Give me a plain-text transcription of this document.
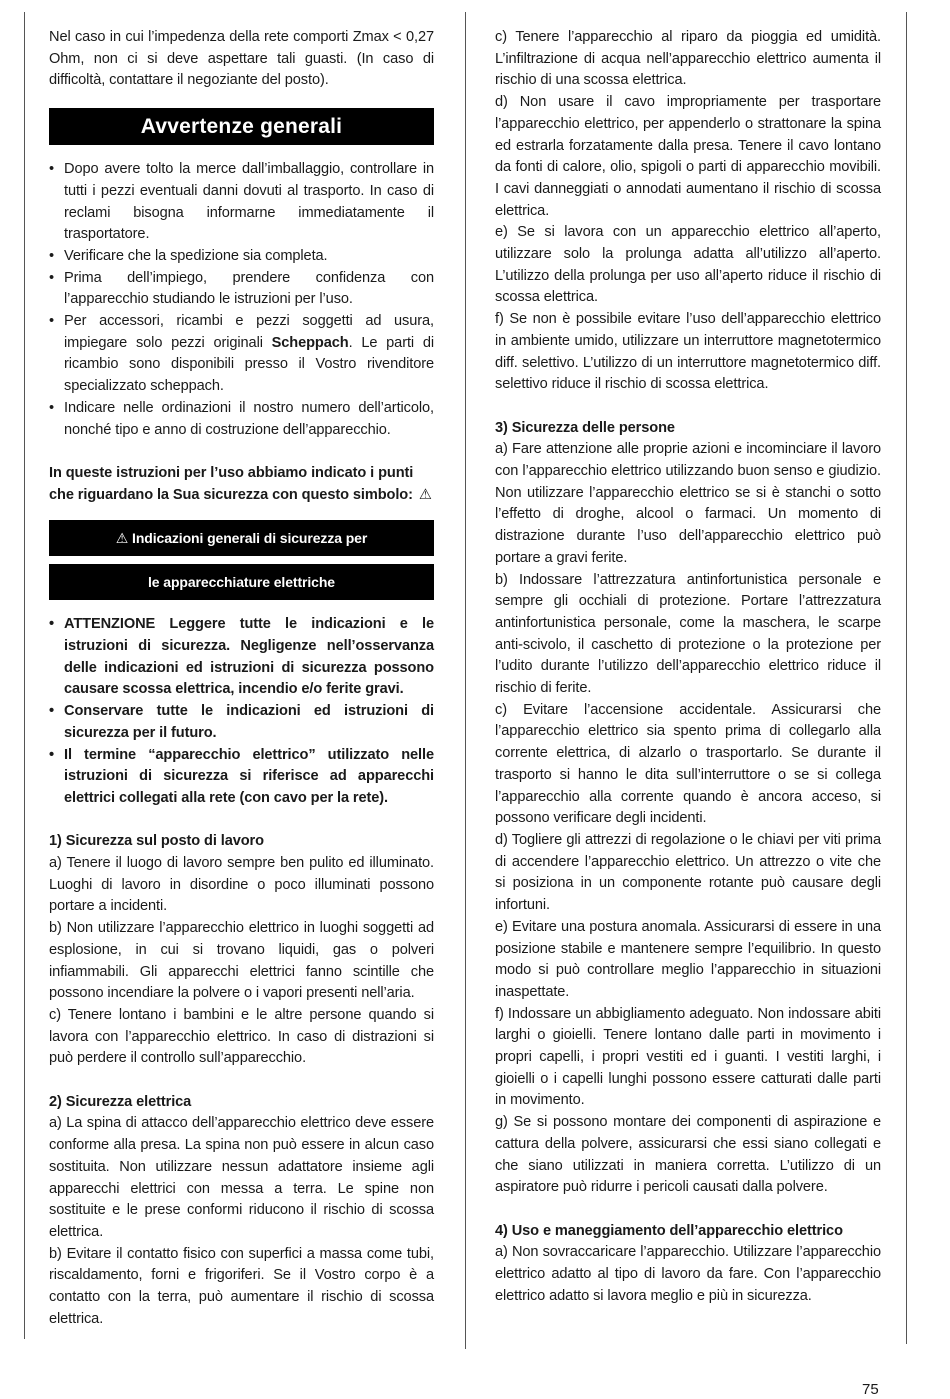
Nel caso in cui l’impedenza della rete comporti Zmax < 0,27 Ohm, non ci si deve aspettare tali guasti. (In caso di difficoltà, contattare il negoziante del posto).

Avvertenze generali
• Dopo avere tolto la merce dall’imballaggio, controllare in tutti i pezzi eventuali danni dovuti al trasporto. In caso di reclami bisogna informarne immediatamente il trasportatore.
• Verificare che la spedizione sia completa.
• Prima dell’impiego, prendere confidenza con l’apparecchio studiando le istruzioni per l’uso.
• Per accessori, ricambi e pezzi soggetti ad usura, impiegare solo pezzi originali Scheppach. Le parti di ricambio sono disponibili presso il Vostro rivenditore specializzato scheppach.
• Indicare nelle ordinazioni il nostro numero dell’articolo, nonché tipo e anno di costruzione dell’apparecchio.

In queste istruzioni per l’uso abbiamo indicato i punti che riguardano la Sua sicurezza con questo simbolo: ⚠

⚠ Indicazioni generali di sicurezza per
le apparecchiature elettriche
• ATTENZIONE Leggere tutte le indicazioni e le istruzioni di sicurezza. Negligenze nell’osservanza delle indicazioni ed istruzioni di sicurezza possono causare scossa elettrica, incendio e/o ferite gravi.
• Conservare tutte le indicazioni ed istruzioni di sicurezza per il futuro.
• Il termine “apparecchio elettrico” utilizzato nelle istruzioni di sicurezza si riferisce ad apparecchi elettrici collegati alla rete (con cavo per la rete).

1) Sicurezza sul posto di lavoro

a) Tenere il luogo di lavoro sempre ben pulito ed illuminato. Luoghi di lavoro in disordine o poco illuminati possono portare a incidenti.

b) Non utilizzare l’apparecchio elettrico in luoghi soggetti ad esplosione, in cui si trovano liquidi, gas o polveri infiammabili. Gli apparecchi elettrici fanno scintille che possono incendiare la polvere o i vapori presenti nell’aria.

c) Tenere lontano i bambini e le altre persone quando si lavora con l’apparecchio elettrico. In caso di distrazioni si può perdere il controllo sull’apparecchio.

2) Sicurezza elettrica

a) La spina di attacco dell’apparecchio elettrico deve essere conforme alla presa. La spina non può essere in alcun caso sostituita. Non utilizzare nessun adattatore insieme agli apparecchi elettrici con messa a terra. Le spine non sostituite e le prese conformi riducono il rischio di scossa elettrica.

b) Evitare il contatto fisico con superfici a massa come tubi, riscaldamento, forni e frigoriferi. Se il Vostro corpo è a contatto con la terra, può aumentare il rischio di scossa elettrica.

c) Tenere l’apparecchio al riparo da pioggia ed umidità. L’infiltrazione di acqua nell’apparecchio elettrico aumenta il rischio di una scossa elettrica.

d) Non usare il cavo impropriamente per trasportare l’apparecchio elettrico, per appenderlo o strattonare la spina ed estrarla forzatamente dalla presa. Tenere il cavo lontano da fonti di calore, olio, spigoli o parti di apparecchio movibili. I cavi danneggiati o annodati aumentano il rischio di scossa elettrica.

e) Se si lavora con un apparecchio elettrico all’aperto, utilizzare solo la prolunga adatta all’utilizzo all’aperto. L’utilizzo della prolunga per uso all’aperto riduce il rischio di scossa elettrica.

f) Se non è possibile evitare l’uso dell’apparecchio elettrico in ambiente umido, utilizzare un interruttore magnetotermico diff. selettivo. L’utilizzo di un interruttore magnetotermico diff. selettivo riduce il rischio di scossa elettrica.

3) Sicurezza delle persone

a) Fare attenzione alle proprie azioni e incominciare il lavoro con l’apparecchio elettrico utilizzando buon senso e giudizio. Non utilizzare l’apparecchio elettrico se si è stanchi o sotto l’effetto di droghe, alcool o farmaci. Un momento di distrazione durante l’uso dell’apparecchio elettrico può portare a gravi ferite.

b) Indossare l’attrezzatura antinfortunistica personale e sempre gli occhiali di protezione. Portare l’attrezzatura antinfortunistica personale, come la maschera, le scarpe anti-scivolo, il caschetto di protezione o la protezione per l’udito durante l’utilizzo dell’apparecchio elettrico riduce il rischio di ferite.

c) Evitare l’accensione accidentale. Assicurarsi che l’apparecchio elettrico sia spento prima di collegarlo alla corrente elettrica, di alzarlo o trasportarlo. Se durante il trasporto si hanno le dita sull’interruttore o se si collega l’apparecchio alla corrente quando è ancora acceso, si possono verificare degli incidenti.

d) Togliere gli attrezzi di regolazione o le chiavi per viti prima di accendere l’apparecchio elettrico. Un attrezzo o vite che si posiziona in un componente rotante può causare degli infortuni.

e) Evitare una postura anomala. Assicurarsi di essere in una posizione stabile e mantenere sempre l’equilibrio. In questo modo si può controllare meglio l’apparecchio in situazioni inaspettate.

f) Indossare un abbigliamento adeguato. Non indossare abiti larghi o gioielli. Tenere lontano dalle parti in movimento i propri capelli, i propri vestiti ed i guanti. I vestiti larghi, i gioielli o i capelli lunghi possono essere catturati dalle parti in movimento.

g) Se si possono montare dei componenti di aspirazione e cattura della polvere, assicurarsi che essi siano collegati e che siano utilizzati in maniera corretta. L’utilizzo di un aspiratore può ridurre i pericoli causati dalla polvere.

4) Uso e maneggiamento dell’apparecchio elettrico

a) Non sovraccaricare l’apparecchio. Utilizzare l’apparecchio elettrico adatto al tipo di lavoro da fare. Con l’apparecchio elettrico adatto si lavora meglio e più in sicurezza.

75
